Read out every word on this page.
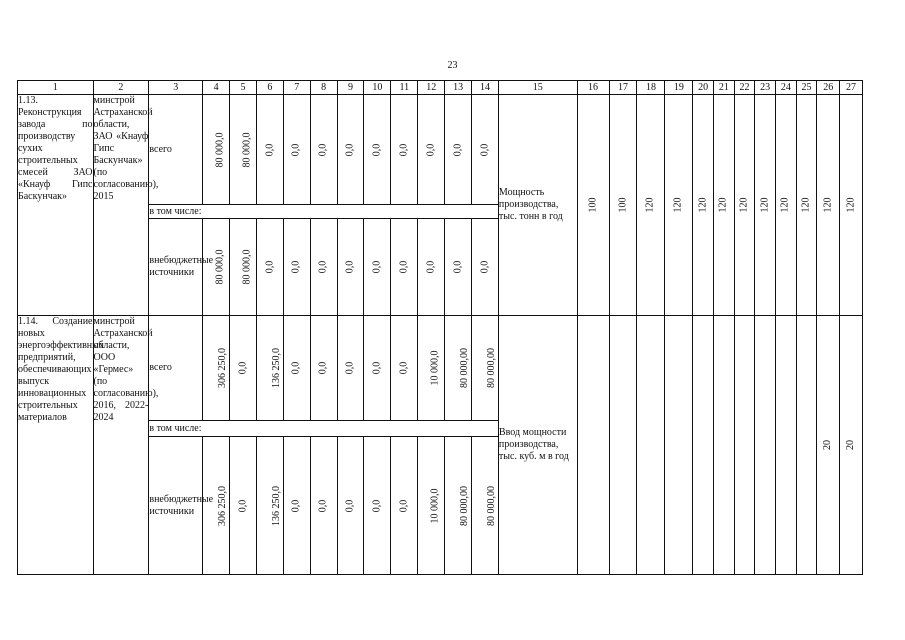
23
1	2	3	4	5	6	7	8	9	10	11	12	13	14	15	16	17	18	19	20	21	22	23	24	25	26	27
1.13. Реконструкция завода по производству сухих строительных смесей ЗАО «Кнауф Гипс Баскунчак»	минстрой Астраханской области, ЗАО «Кнауф Гипс Баскунчак» (по согласованию), 2015	всего	80 000,0	80 000,0	0,0	0,0	0,0	0,0	0,0	0,0	0,0	0,0	0,0	Мощность производства, тыс. тонн в год	100	100	120	120	120	120	120	120	120	120	120	120
		в том числе:																								
		внебюджетные источники	80 000,0	80 000,0	0,0	0,0	0,0	0,0	0,0	0,0	0,0	0,0	0,0													
1.14. Создание новых энергоэффективных предприятий, обеспечивающих выпуск инновационных строительных материалов	минстрой Астраханской области, ООО «Гермес» (по согласованию), 2016, 2022-2024	всего	306 250,0	0,0	136 250,0	0,0	0,0	0,0	0,0	0,0	10 000,0	80 000,00	80 000,00	Ввод мощности производства, тыс. куб. м в год											20	20
		в том числе:																								
		внебюджетные источники	306 250,0	0,0	136 250,0	0,0	0,0	0,0	0,0	0,0	10 000,0	80 000,00	80 000,00													
